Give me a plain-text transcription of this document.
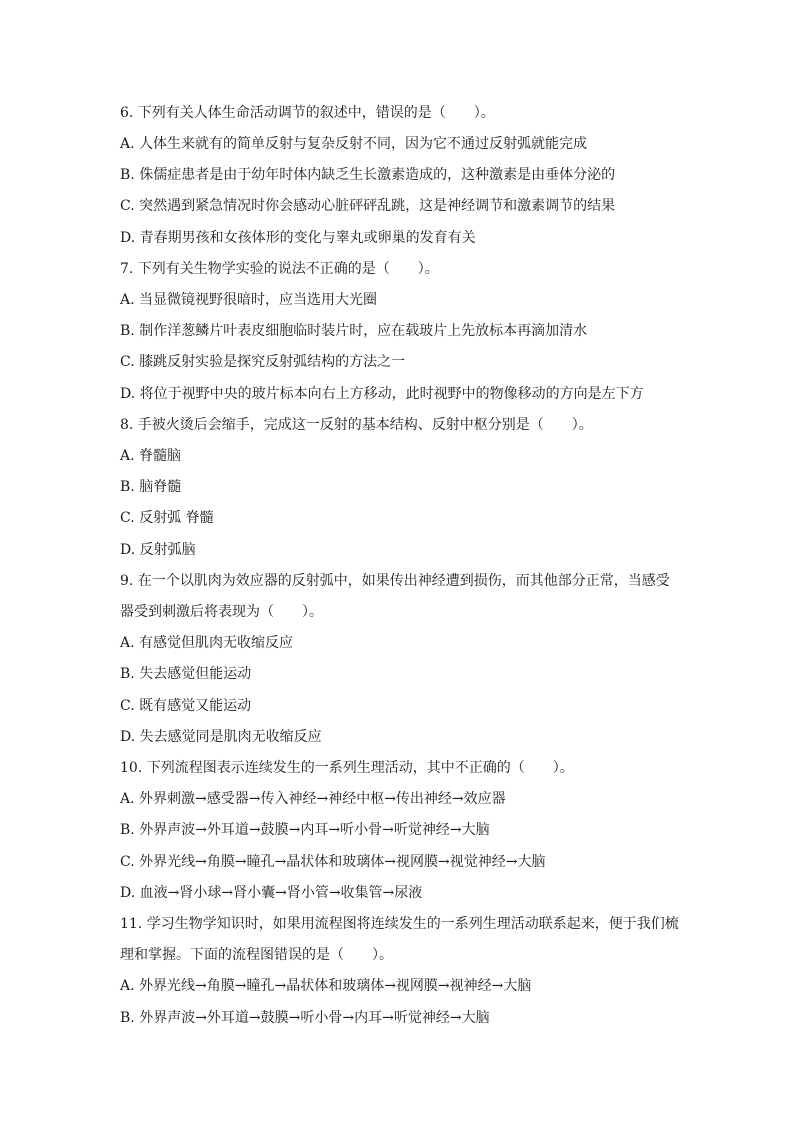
6. 下列有关人体生命活动调节的叙述中，错误的是（　　）。
A. 人体生来就有的简单反射与复杂反射不同，因为它不通过反射弧就能完成
B. 侏儒症患者是由于幼年时体内缺乏生长激素造成的，这种激素是由垂体分泌的
C. 突然遇到紧急情况时你会感动心脏砰砰乱跳，这是神经调节和激素调节的结果
D. 青春期男孩和女孩体形的变化与睾丸或卵巢的发育有关
7. 下列有关生物学实验的说法不正确的是（　　）。
A. 当显微镜视野很暗时，应当选用大光圈
B. 制作洋葱鳞片叶表皮细胞临时装片时，应在载玻片上先放标本再滴加清水
C. 膝跳反射实验是探究反射弧结构的方法之一
D. 将位于视野中央的玻片标本向右上方移动，此时视野中的物像移动的方向是左下方
8. 手被火烫后会缩手，完成这一反射的基本结构、反射中枢分别是（　　）。
A. 脊髓脑
B. 脑脊髓
C. 反射弧 脊髓
D. 反射弧脑
9. 在一个以肌肉为效应器的反射弧中，如果传出神经遭到损伤，而其他部分正常，当感受
器受到刺激后将表现为（　　）。
A. 有感觉但肌肉无收缩反应
B. 失去感觉但能运动
C. 既有感觉又能运动
D. 失去感觉同是肌肉无收缩反应
10. 下列流程图表示连续发生的一系列生理活动，其中不正确的（　　）。
A. 外界刺激→感受器→传入神经→神经中枢→传出神经→效应器
B. 外界声波→外耳道→鼓膜→内耳→听小骨→听觉神经→大脑
C. 外界光线→角膜→瞳孔→晶状体和玻璃体→视网膜→视觉神经→大脑
D. 血液→肾小球→肾小囊→肾小管→收集管→尿液
11. 学习生物学知识时，如果用流程图将连续发生的一系列生理活动联系起来，便于我们梳
理和掌握。下面的流程图错误的是（　　）。
A. 外界光线→角膜→瞳孔→晶状体和玻璃体→视网膜→视神经→大脑
B. 外界声波→外耳道→鼓膜→听小骨→内耳→听觉神经→大脑
